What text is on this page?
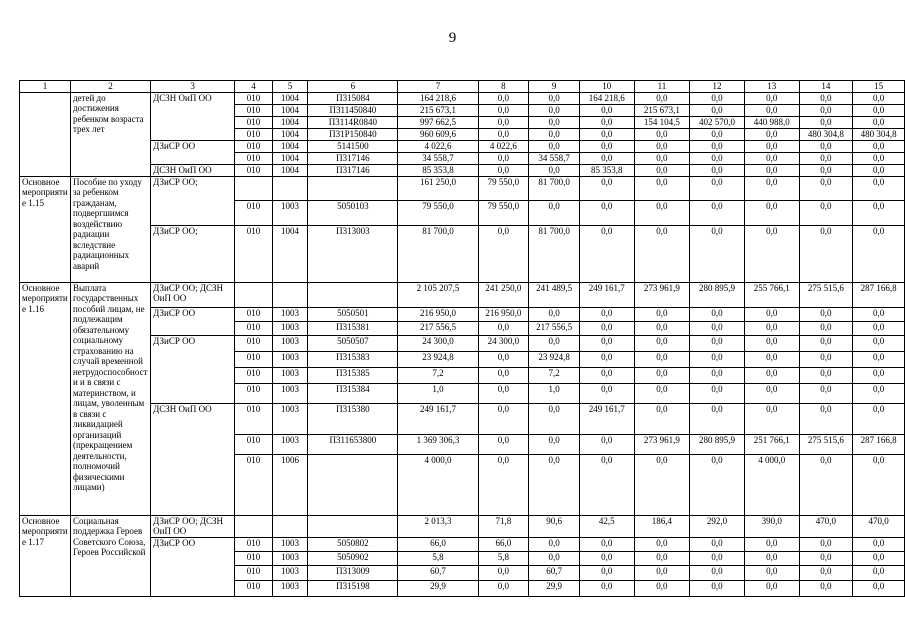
9
1	2	3	4	5	6	7	8	9	10	11	12	13	14	15
	детей до достижения ребенком возраста трех лет	ДСЗН ОиП ОО	010	1004	П315084	164 218,6	0,0	0,0	164 218,6	0,0	0,0	0,0	0,0	0,0
			010	1004	П311450840	215 673,1	0,0	0,0	0,0	215 673,1	0,0	0,0	0,0	0,0
			010	1004	П3114R0840	997 662,5	0,0	0,0	0,0	154 104,5	402 570,0	440 988,0	0,0	0,0
			010	1004	П31P150840	960 609,6	0,0	0,0	0,0	0,0	0,0	0,0	480 304,8	480 304,8
		ДЗиСР ОО	010	1004	5141500	4 022,6	4 022,6	0,0	0,0	0,0	0,0	0,0	0,0	0,0
			010	1004	П317146	34 558,7	0,0	34 558,7	0,0	0,0	0,0	0,0	0,0	0,0
		ДСЗН ОиП ОО	010	1004	П317146	85 353,8	0,0	0,0	85 353,8	0,0	0,0	0,0	0,0	0,0
Основное мероприятие 1.15	Пособие по уходу за ребенком гражданам, подвергшимся воздействию радиации вследствие радиационных аварий	ДЗиСР ОО;				161 250,0	79 550,0	81 700,0	0,0	0,0	0,0	0,0	0,0	0,0
			010	1003	5050103	79 550,0	79 550,0	0,0	0,0	0,0	0,0	0,0	0,0	0,0
		ДЗиСР ОО;	010	1004	П313003	81 700,0	0,0	81 700,0	0,0	0,0	0,0	0,0	0,0	0,0
Основное мероприятие 1.16	Выплата государственных пособий лицам, не подлежащим обязательному социальному страхованию на случай временной нетрудоспособности и в связи с материнством, и лицам, уволенным в связи с ликвидацией организаций (прекращением деятельности, полномочий физическими лицами)	ДЗиСР ОО; ДСЗН ОиП ОО				2 105 207,5	241 250,0	241 489,5	249 161,7	273 961,9	280 895,9	255 766,1	275 515,6	287 166,8
		ДЗиСР ОО	010	1003	5050501	216 950,0	216 950,0	0,0	0,0	0,0	0,0	0,0	0,0	0,0
			010	1003	П315381	217 556,5	0,0	217 556,5	0,0	0,0	0,0	0,0	0,0	0,0
		ДЗиСР ОО	010	1003	5050507	24 300,0	24 300,0	0,0	0,0	0,0	0,0	0,0	0,0	0,0
			010	1003	П315383	23 924,8	0,0	23 924,8	0,0	0,0	0,0	0,0	0,0	0,0
			010	1003	П315385	7,2	0,0	7,2	0,0	0,0	0,0	0,0	0,0	0,0
			010	1003	П315384	1,0	0,0	1,0	0,0	0,0	0,0	0,0	0,0	0,0
		ДСЗН ОиП ОО	010	1003	П315380	249 161,7	0,0	0,0	249 161,7	0,0	0,0	0,0	0,0	0,0
			010	1003	П311653800	1 369 306,3	0,0	0,0	0,0	273 961,9	280 895,9	251 766,1	275 515,6	287 166,8
			010	1006		4 000,0	0,0	0,0	0,0	0,0	0,0	4 000,0	0,0	0,0
Основное мероприятие 1.17	Социальная поддержка Героев Советского Союза, Героев Российской	ДЗиСР ОО; ДСЗН ОиП ОО				2 013,3	71,8	90,6	42,5	186,4	292,0	390,0	470,0	470,0
		ДЗиСР ОО	010	1003	5050802	66,0	66,0	0,0	0,0	0,0	0,0	0,0	0,0	0,0
			010	1003	5050902	5,8	5,8	0,0	0,0	0,0	0,0	0,0	0,0	0,0
			010	1003	П313009	60,7	0,0	60,7	0,0	0,0	0,0	0,0	0,0	0,0
			010	1003	П315198	29,9	0,0	29,9	0,0	0,0	0,0	0,0	0,0	0,0
